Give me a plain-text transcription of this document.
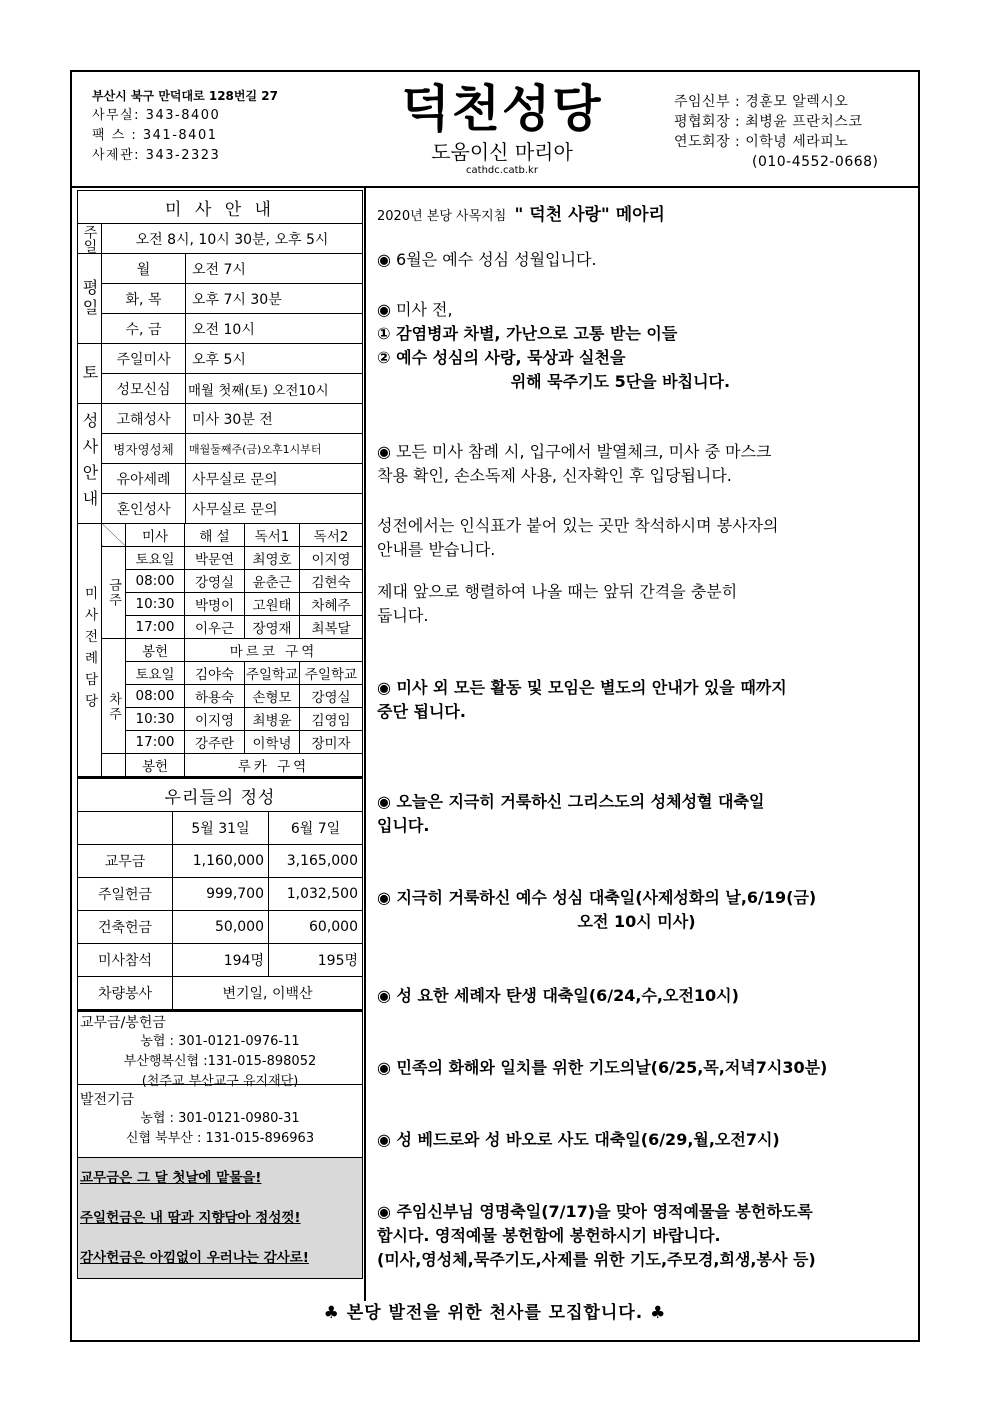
부산시 북구 만덕대로 128번길 27
사무실: 343-8400
팩 스 : 341-8401
사제관: 343-2323
덕천성당
도움이신 마리아
cathdc.catb.kr
주임신부 : 경훈모 알렉시오
평협회장 : 최병윤 프란치스코
연도회장 : 이학녕 세라피노
(010-4552-0668)
미 사 안 내		
주일	오전 8시, 10시 30분, 오후 5시	
평일	월	오전 7시
	화, 목	오후 7시 30분
	수, 금	오전 10시
토	주일미사	오후 5시
	성모신심	매월 첫째(토) 오전10시
성사안내	고해성사	미사 30분 전
	병자영성체	매월둘째주(금)오후1시부터
	유아세례	사무실로 문의
	혼인성사	사무실로 문의
미사전례담당		미사	해 설	독서1	독서2
	금주	토요일	박문연	최영호	이지영
		08:00	강영실	윤춘근	김현숙
		10:30	박명이	고원태	차혜주
		17:00	이우근	장영재	최복달
		봉헌	마르코 구역		
	차주	토요일	김야숙	주일학교	주일학교
		08:00	하용숙	손형모	강영실
		10:30	이지영	최병윤	김영임
		17:00	강주란	이학녕	장미자
		봉헌	루카 구역		
우리들의 정성		
	5월 31일	6월 7일
교무금	1,160,000	3,165,000
주일헌금	999,700	1,032,500
건축헌금	50,000	60,000
미사참석	194명	195명
차량봉사	변기일, 이백산	
교무금/봉헌금
농협 : 301-0121-0976-11
부산행복신협 :131-015-898052
(천주교 부산교구 유지재단)
발전기금
농협 : 301-0121-0980-31
신협 북부산 : 131-015-896963
교무금은 그 달 첫날에 맡물을!
주일헌금은 내 땀과 지향담아 정성껏!
감사헌금은 아낌없이 우러나는 감사로!
2020년 본당 사목지침 " 덕천 사랑" 메아리
◉ 6월은 예수 성심 성월입니다.
◉ 미사 전,
① 감염병과 차별, 가난으로 고통 받는 이들
② 예수 성심의 사랑, 묵상과 실천을
위해 묵주기도 5단을 바칩니다.
◉ 모든 미사 참례 시, 입구에서 발열체크, 미사 중 마스크
착용 확인, 손소독제 사용, 신자확인 후 입당됩니다.
성전에서는 인식표가 붙어 있는 곳만 착석하시며 봉사자의
안내를 받습니다.
제대 앞으로 행렬하여 나올 때는 앞뒤 간격을 충분히
둡니다.
◉ 미사 외 모든 활동 및 모임은 별도의 안내가 있을 때까지
중단 됩니다.
◉ 오늘은 지극히 거룩하신 그리스도의 성체성혈 대축일
입니다.
◉ 지극히 거룩하신 예수 성심 대축일(사제성화의 날,6/19(금)
오전 10시 미사)
◉ 성 요한 세례자 탄생 대축일(6/24,수,오전10시)
◉ 민족의 화해와 일치를 위한 기도의날(6/25,목,저녁7시30분)
◉ 성 베드로와 성 바오로 사도 대축일(6/29,월,오전7시)
◉ 주임신부님 영명축일(7/17)을 맞아 영적예물을 봉헌하도록
합시다. 영적예물 봉헌함에 봉헌하시기 바랍니다.
(미사,영성체,묵주기도,사제를 위한 기도,주모경,희생,봉사 등)
♣ 본당 발전을 위한 천사를 모집합니다. ♣
